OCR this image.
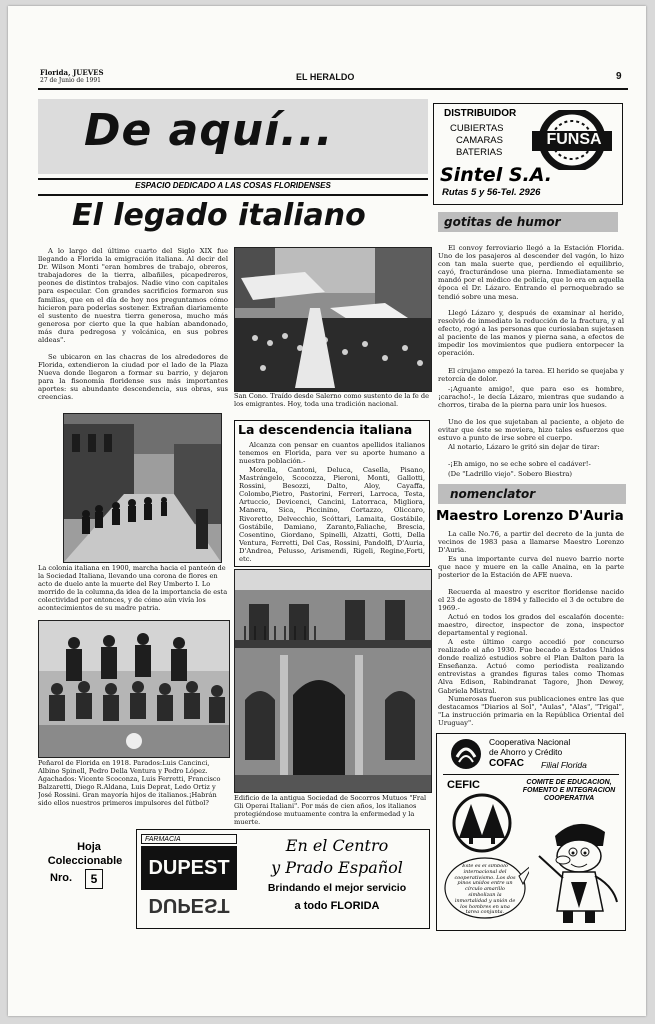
Florida, JUEVES
27 de Junio de 1991	EL HERALDO	9
De aquí...
ESPACIO DEDICADO A LAS COSAS FLORIDENSES
DISTRIBUIDOR
CUBIERTAS
CAMARAS
BATERIAS
FUNSA
Sintel S.A.
Rutas 5 y 56-Tel. 2926
El legado italiano
A lo largo del último cuarto del Siglo XIX fue llegando a Florida la emigración italiana. Al decir del Dr. Wilson Monti "eran hombres de trabajo, obreros, trabajadores de la tierra, albañiles, picapedreros, peones de distintos trabajos. Nadie vino con capitales para especular. Con grandes sacrificios formaron sus familias, que en el día de hoy nos preguntamos cómo hicieron para poderlas sostener. Extrañan diariamente el sustento de nuestra tierra generosa, mucho más generosa por cierto que la que habían abandonado, más dura pedregosa y volcánica, en sus pobres aldeas".
Se ubicaron en las chacras de los alrededores de Florida, extendieron la ciudad por el lado de la Plaza Nueva donde llegaron a formar su barrio, y dejaron para la fisonomía floridense sus más importantes aportes: su abundante descendencia, sus obras, sus creencias.
La colonia italiana en 1900, marcha hacia el panteón de la Sociedad Italiana, llevando una corona de flores en acto de duelo ante la muerte del Rey Umberto I. Lo morrido de la columna,da idea de la importancia de esta colectividad por entonces, y de cómo aún vivía los acontecimientos de su madre patria.
Peñarol de Florida en 1918. Parados:Luis Cancinci, Albino Spinell, Pedro Della Ventura y Pedro López. Agachados: Vicente Scoconza, Luis Ferretti, Francisco Balzaretti, Diego R.Aldana, Luis Deprat, Ledo Ortiz y José Rossini. Gran mayoría hijos de italianos.¡Habrán sido ellos nuestros primeros impulsores del fútbol?
San Cono. Traído desde Salerno como sustento de la fe de los emigrantes. Hoy, toda una tradición nacional.
La descendencia italiana
Alcanza con pensar en cuantos apellidos italianos tenemos en Florida, para ver su aporte humano a nuestra población.-
Morella, Cantoni, Deluca, Casella, Pisano, Mastrángelo, Scocozza, Pieroni, Monti, Gallotti, Rossini, Besozzi, Dalto, Aloy, Cayaffa, Colombo,Pietro, Pastorini, Ferreri, Larroca, Testa, Artuccio, Devicenci, Cancini, Latorraca, Migliora, Manera, Sica, Piccinino, Cortazzo, Oliccaro, Rivoretto, Delvecchio, Scóttari, Lamaita, Gostábile, Gostábile, Damiano, Zaranto,Faliache, Brescia, Cosentino, Giordano, Spinelli, Alzatti, Gotti, Della Ventura, Ferretti, Del Cas, Rossini, Pandolfi, D'Auria, D'Andrea, Pelusso, Arismendi, Rigeli, Regine,Forti, etc.
Edificio de la antigua Sociedad de Socorros Mutuos "Fral Gli Operai Italiani". Por más de cien años, los italianos protegiéndose mutuamente contra la enfermedad y la muerte.
gotitas de humor
El convoy ferroviario llegó a la Estación Florida. Uno de los pasajeros al descender del vagón, lo hizo con tan mala suerte que, perdiendo el equilibrio, cayó, fracturándose una pierna. Inmediatamente se mandó por el médico de policía, que lo era en aquella época el Dr. Lázaro. Entrando el pernoquebrado se tendió sobre una mesa.
Llegó Lázaro y, después de examinar al herido, resolvió de inmediato la reducción de la fractura, y al efecto, rogó a las personas que curiosiaban sujetasen al paciente de las manos y pierna sana, a efectos de impedir los movimientos que pudiera entorpecer la operación.
El cirujano empezó la tarea. El herido se quejaba y retorcía de dolor.
-¡Aguante amigo!, que para eso es hombre,¡caracho!-, le decía Lázaro, mientras que sudando a chorros, tiraba de la pierna para unir los huesos.
Uno de los que sujetaban al paciente, a objeto de evitar que éste se moviera, hizo tales esfuerzos que estuvo a punto de irse sobre el cuerpo.
Al notario, Lázaro le gritó sin dejar de tirar:
-¡Eh amigo, no se eche sobre el cadáver!-
(De "Ladrillo viejo". Sobero Biestra)
nomenclator
Maestro Lorenzo D'Auria
La calle No.76, a partir del decreto de la junta de vecinos de 1983 pasa a llamarse Maestro Lorenzo D'Auria.
Es una importante curva del nuevo barrio norte que nace y muere en la calle Anaina, en la parte posterior de la Estación de AFE nueva.
Recuerda al maestro y escritor floridense nacido el 23 de agosto de 1894 y fallecido el 3 de octubre de 1969.-
Actuó en todos los grados del escalafón docente: maestro, director, inspector de zona, inspector departamental y regional.
A este último cargo accedió por concurso realizado el año 1930. Fue becado a Estados Unidos donde realizó estudios sobre el Plan Dalton para la Enseñanza. Actuó como periodista realizando entrevistas a grandes figuras tales como Thomas Alva Edison, Rabindranat Tagore, Jhon Dewey, Gabriela Mistral.
Numerosas fueron sus publicaciones entre las que destacamos "Diarios al Sol", "Aulas", "Alas", "Trigal", "La instrucción primaria en la República Oriental del Uruguay".
Cooperativa Nacional
de Ahorro y Crédito
COFAC Filial Florida
CEFIC	COMITE DE EDUCACION, FOMENTO E INTEGRACION COOPERATIVA
Este es el símbolo internacional del cooperativismo. Los dos pinos unidos entre un círculo amarillo simbolizan la inmortalidad y unión de los hombres en una tarea conjunta.
Hoja
Coleccionable
Nro.	5
FARMACIA
DUPEST
DUPEST
En el Centro
y Prado Español
Brindando el mejor servicio
a todo FLORIDA
